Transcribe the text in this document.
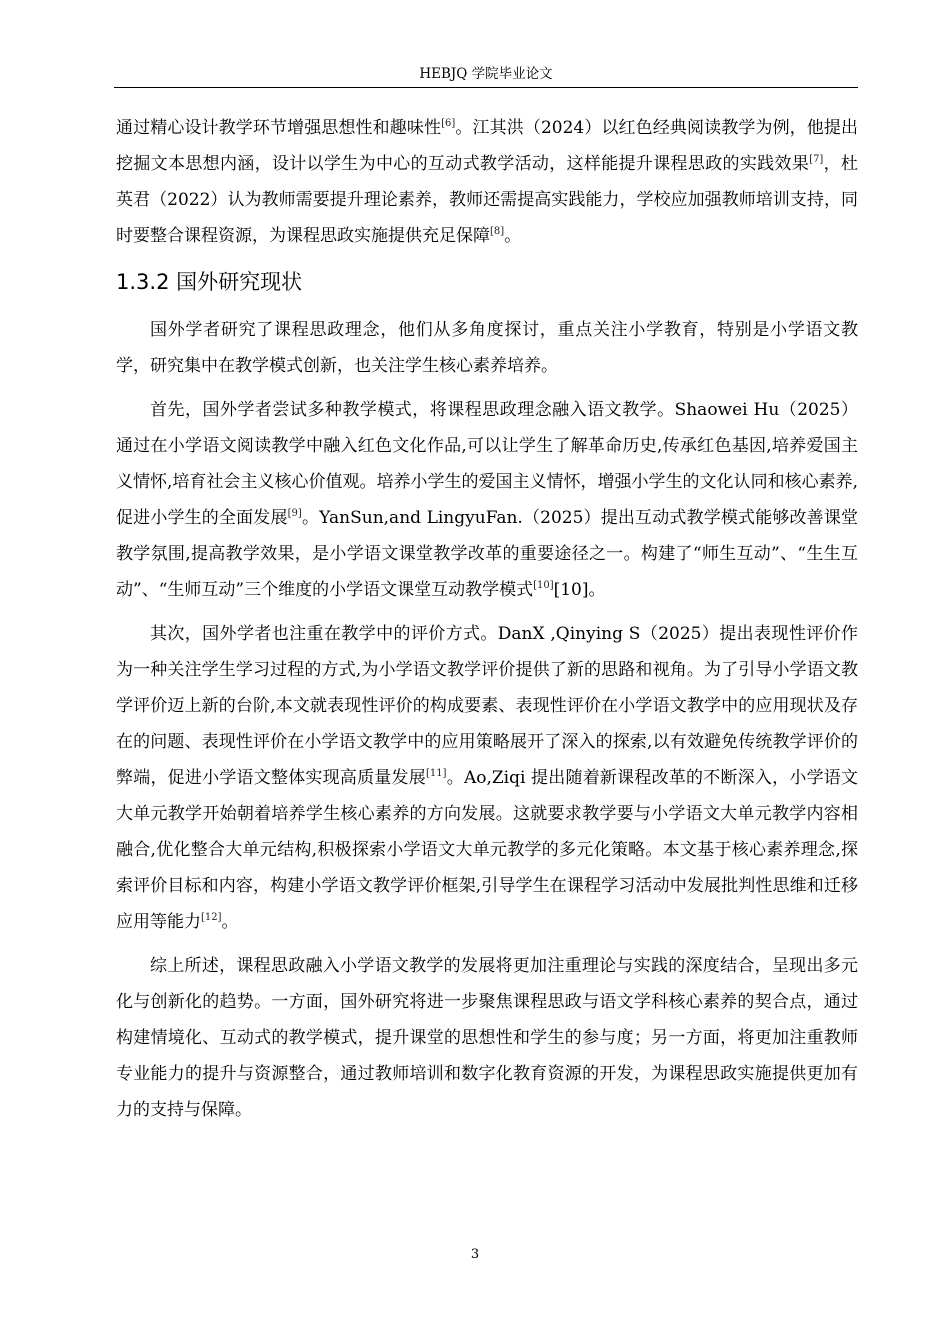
HEBJQ 学院毕业论文

通过精心设计教学环节增强思想性和趣味性[6]。江其洪（2024）以红色经典阅读教学为例，他提出挖掘文本思想内涵，设计以学生为中心的互动式教学活动，这样能提升课程思政的实践效果[7]，杜英君（2022）认为教师需要提升理论素养，教师还需提高实践能力，学校应加强教师培训支持，同时要整合课程资源，为课程思政实施提供充足保障[8]。

1.3.2 国外研究现状

国外学者研究了课程思政理念，他们从多角度探讨，重点关注小学教育，特别是小学语文教学，研究集中在教学模式创新，也关注学生核心素养培养。

首先，国外学者尝试多种教学模式，将课程思政理念融入语文教学。Shaowei Hu（2025）通过在小学语文阅读教学中融入红色文化作品,可以让学生了解革命历史,传承红色基因,培养爱国主义情怀,培育社会主义核心价值观。培养小学生的爱国主义情怀，增强小学生的文化认同和核心素养,促进小学生的全面发展[9]。YanSun,and LingyuFan.（2025）提出互动式教学模式能够改善课堂教学氛围,提高教学效果，是小学语文课堂教学改革的重要途径之一。构建了“师生互动”、“生生互动”、“生师互动”三个维度的小学语文课堂互动教学模式[10][10]。

其次，国外学者也注重在教学中的评价方式。DanX ,Qinying S（2025）提出表现性评价作为一种关注学生学习过程的方式,为小学语文教学评价提供了新的思路和视角。为了引导小学语文教学评价迈上新的台阶,本文就表现性评价的构成要素、表现性评价在小学语文教学中的应用现状及存在的问题、表现性评价在小学语文教学中的应用策略展开了深入的探索,以有效避免传统教学评价的弊端，促进小学语文整体实现高质量发展[11]。Ao,Ziqi 提出随着新课程改革的不断深入，小学语文大单元教学开始朝着培养学生核心素养的方向发展。这就要求教学要与小学语文大单元教学内容相融合,优化整合大单元结构,积极探索小学语文大单元教学的多元化策略。本文基于核心素养理念,探索评价目标和内容，构建小学语文教学评价框架,引导学生在课程学习活动中发展批判性思维和迁移应用等能力[12]。

综上所述，课程思政融入小学语文教学的发展将更加注重理论与实践的深度结合，呈现出多元化与创新化的趋势。一方面，国外研究将进一步聚焦课程思政与语文学科核心素养的契合点，通过构建情境化、互动式的教学模式，提升课堂的思想性和学生的参与度；另一方面，将更加注重教师专业能力的提升与资源整合，通过教师培训和数字化教育资源的开发，为课程思政实施提供更加有力的支持与保障。

3
